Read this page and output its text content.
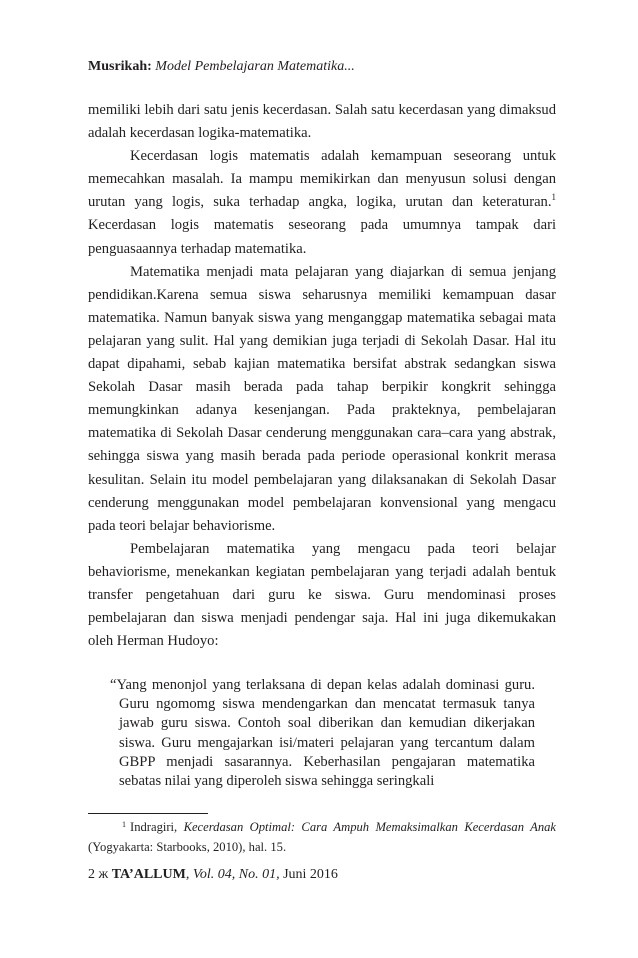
Musrikah: Model Pembelajaran Matematika...

memiliki lebih dari satu jenis kecerdasan. Salah satu kecerdasan yang dimaksud adalah kecerdasan logika-matematika.

Kecerdasan logis matematis adalah kemampuan seseorang untuk memecahkan masalah. Ia mampu memikirkan dan menyusun solusi dengan urutan yang logis, suka terhadap angka, logika, urutan dan keteraturan.$^1$ Kecerdasan logis matematis seseorang pada umumnya tampak dari penguasaannya terhadap matematika.

Matematika menjadi mata pelajaran yang diajarkan di semua jenjang pendidikan.Karena semua siswa seharusnya memiliki kemampuan dasar matematika. Namun banyak siswa yang menganggap matematika sebagai mata pelajaran yang sulit. Hal yang demikian juga terjadi di Sekolah Dasar. Hal itu dapat dipahami, sebab kajian matematika bersifat abstrak sedangkan siswa Sekolah Dasar masih berada pada tahap berpikir kongkrit sehingga memungkinkan adanya kesenjangan. Pada prakteknya, pembelajaran matematika di Sekolah Dasar cenderung menggunakan cara–cara yang abstrak, sehingga siswa yang masih berada pada periode operasional konkrit merasa kesulitan. Selain itu model pembelajaran yang dilaksanakan di Sekolah Dasar cenderung menggunakan model pembelajaran konvensional yang mengacu pada teori belajar behaviorisme.

Pembelajaran matematika yang mengacu pada teori belajar behaviorisme, menekankan kegiatan pembelajaran yang terjadi adalah bentuk transfer pengetahuan dari guru ke siswa. Guru mendominasi proses pembelajaran dan siswa menjadi pendengar saja. Hal ini juga dikemukakan oleh Herman Hudoyo:

“Yang menonjol yang terlaksana di depan kelas adalah dominasi guru. Guru ngomomg siswa mendengarkan dan mencatat termasuk tanya jawab guru siswa. Contoh soal diberikan dan kemudian dikerjakan siswa. Guru mengajarkan isi/materi pelajaran yang tercantum dalam GBPP menjadi sasarannya. Keberhasilan pengajaran matematika sebatas nilai yang diperoleh siswa sehingga seringkali

$^1$ Indragiri, Kecerdasan Optimal: Cara Ampuh Memaksimalkan Kecerdasan Anak (Yogyakarta: Starbooks, 2010), hal. 15.

2 ж TA’ALLUM, Vol. 04, No. 01, Juni 2016
